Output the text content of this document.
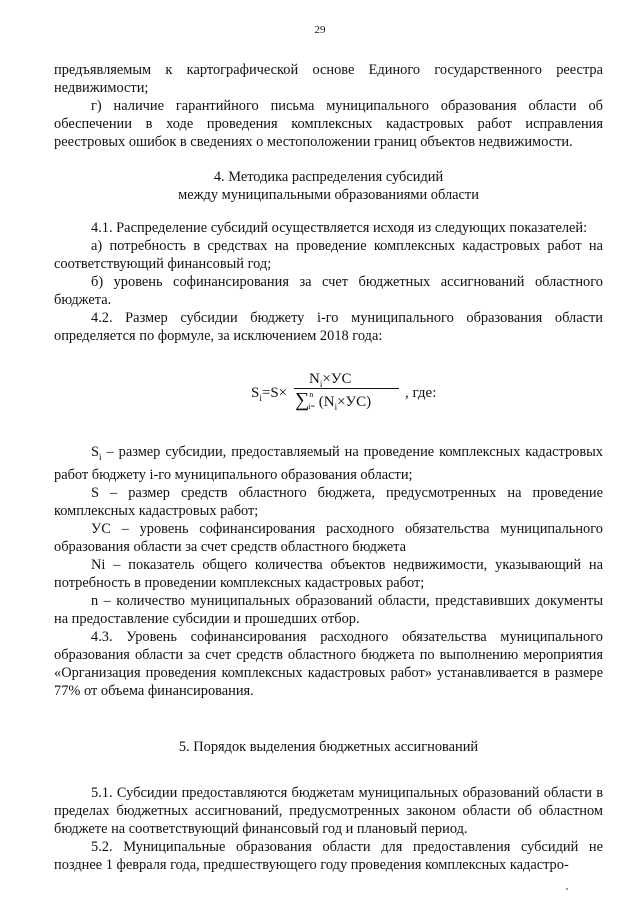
29

предъявляемым к картографической основе Единого государственного реестра недвижимости;

г) наличие гарантийного письма муниципального образования области об обеспечении в ходе проведения комплексных кадастровых работ исправления реестровых ошибок в сведениях о местоположении границ объектов недвижимости.

4. Методика распределения субсидий

между муниципальными образованиями области

4.1. Распределение субсидий осуществляется исходя из следующих показателей:

а) потребность в средствах на проведение комплексных кадастровых работ на соответствующий финансовый год;

б) уровень софинансирования за счет бюджетных ассигнований областного бюджета.

4.2. Размер субсидии бюджету i-го муниципального образования области определяется по формуле, за исключением 2018 года:

$S_i=S\times$
$N_i\times УС$
∑$^n_{i=}$ $(N_i\times УС)$
, где:

$S_i$ – размер субсидии, предоставляемый на проведение комплексных кадастровых работ бюджету i-го муниципального образования области;

S – размер средств областного бюджета, предусмотренных на проведение комплексных кадастровых работ;

УС – уровень софинансирования расходного обязательства муниципального образования области за счет средств областного бюджета

Ni – показатель общего количества объектов недвижимости, указывающий на потребность в проведении комплексных кадастровых работ;

n – количество муниципальных образований области, представивших документы на предоставление субсидии и прошедших отбор.

4.3. Уровень софинансирования расходного обязательства муниципального образования области за счет средств областного бюджета по выполнению мероприятия «Организация проведения комплексных кадастровых работ» устанавливается в размере 77% от объема финансирования.

5. Порядок выделения бюджетных ассигнований

5.1. Субсидии предоставляются бюджетам муниципальных образований области в пределах бюджетных ассигнований, предусмотренных законом области об областном бюджете на соответствующий финансовый год и плановый период.

5.2. Муниципальные образования области для предоставления субсидий не позднее 1 февраля года, предшествующего году проведения комплексных кадастро-
